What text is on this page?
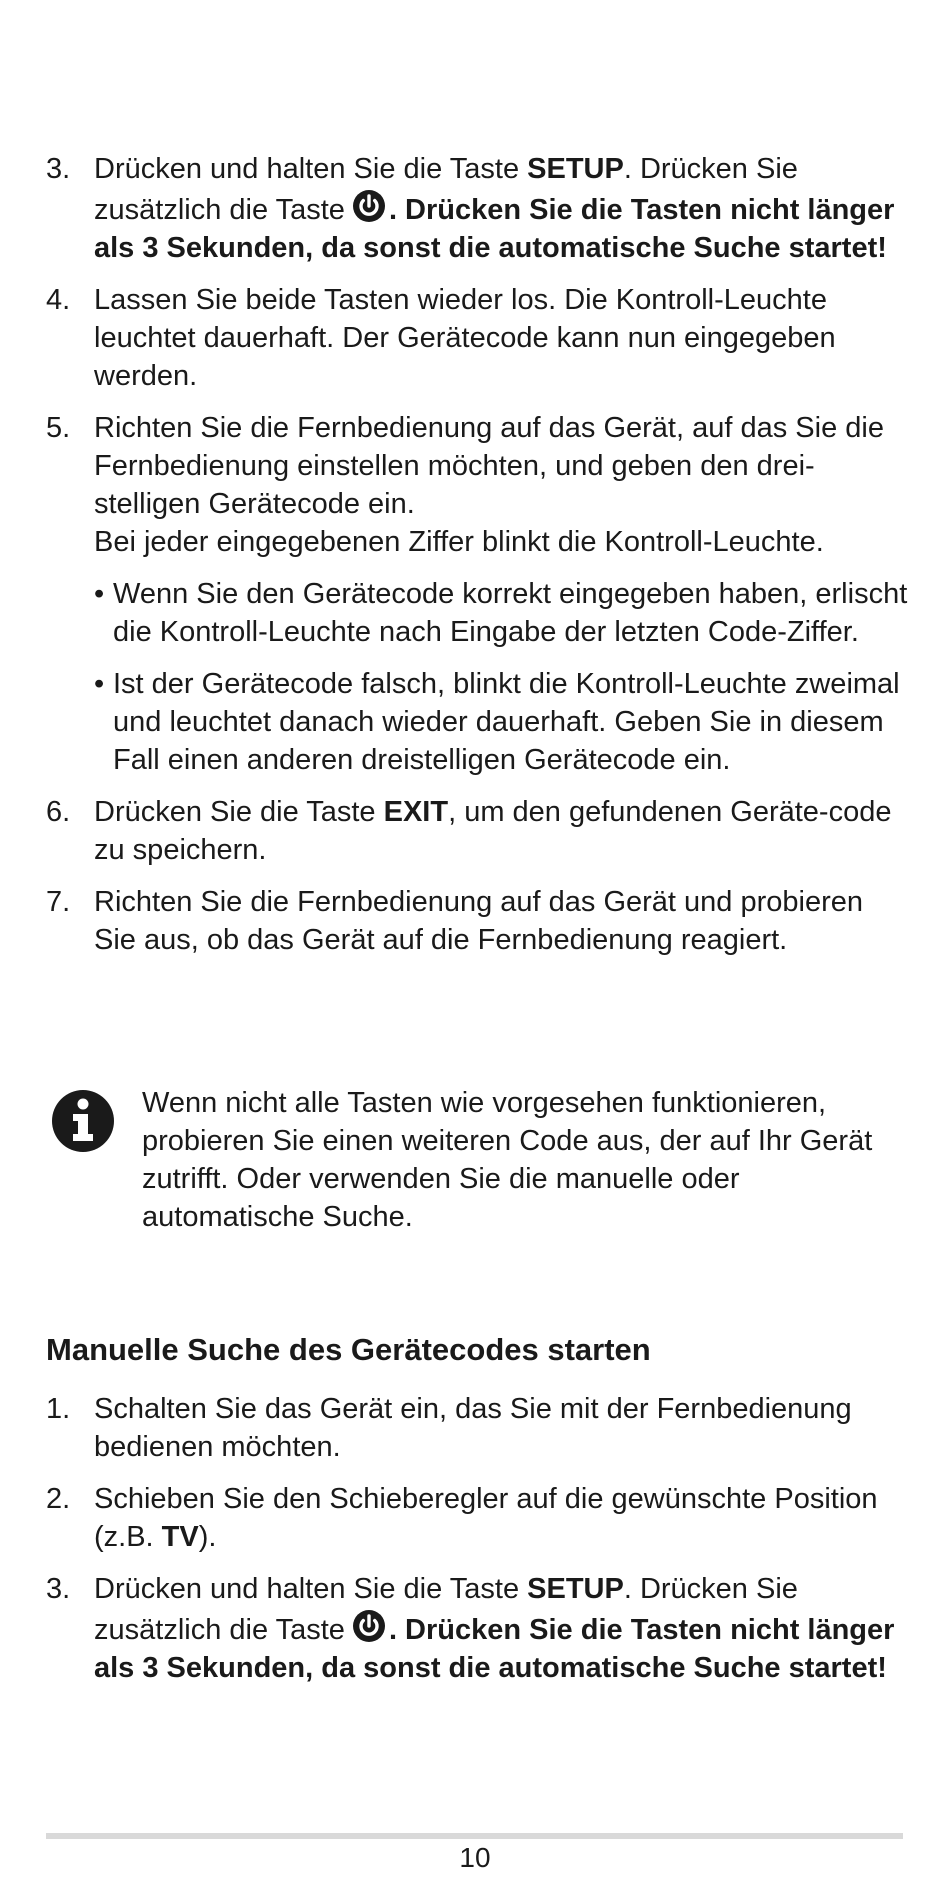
3. Drücken und halten Sie die Taste SETUP. Drücken Sie zusätzlich die Taste . Drücken Sie die Tasten nicht länger als 3 Sekunden, da sonst die automatische Suche startet!
4. Lassen Sie beide Tasten wieder los. Die Kontroll-Leuchte leuchtet dauerhaft. Der Gerätecode kann nun eingegeben werden.
5. Richten Sie die Fernbedienung auf das Gerät, auf das Sie die Fernbedienung einstellen möchten, und geben den drei-stelligen Gerätecode ein.
Bei jeder eingegebenen Ziffer blinkt die Kontroll-Leuchte.
• Wenn Sie den Gerätecode korrekt eingegeben haben, erlischt die Kontroll-Leuchte nach Eingabe der letzten Code-Ziffer.
• Ist der Gerätecode falsch, blinkt die Kontroll-Leuchte zweimal und leuchtet danach wieder dauerhaft. Geben Sie in diesem Fall einen anderen dreistelligen Gerätecode ein.
6. Drücken Sie die Taste EXIT, um den gefundenen Geräte-code zu speichern.
7. Richten Sie die Fernbedienung auf das Gerät und probieren Sie aus, ob das Gerät auf die Fernbedienung reagiert.
Wenn nicht alle Tasten wie vorgesehen funktionieren, probieren Sie einen weiteren Code aus, der auf Ihr Gerät zutrifft. Oder verwenden Sie die manuelle oder automatische Suche.
Manuelle Suche des Gerätecodes starten
1. Schalten Sie das Gerät ein, das Sie mit der Fernbedienung bedienen möchten.
2. Schieben Sie den Schieberegler auf die gewünschte Position (z.B. TV).
3. Drücken und halten Sie die Taste SETUP. Drücken Sie zusätzlich die Taste . Drücken Sie die Tasten nicht länger als 3 Sekunden, da sonst die automatische Suche startet!
10
